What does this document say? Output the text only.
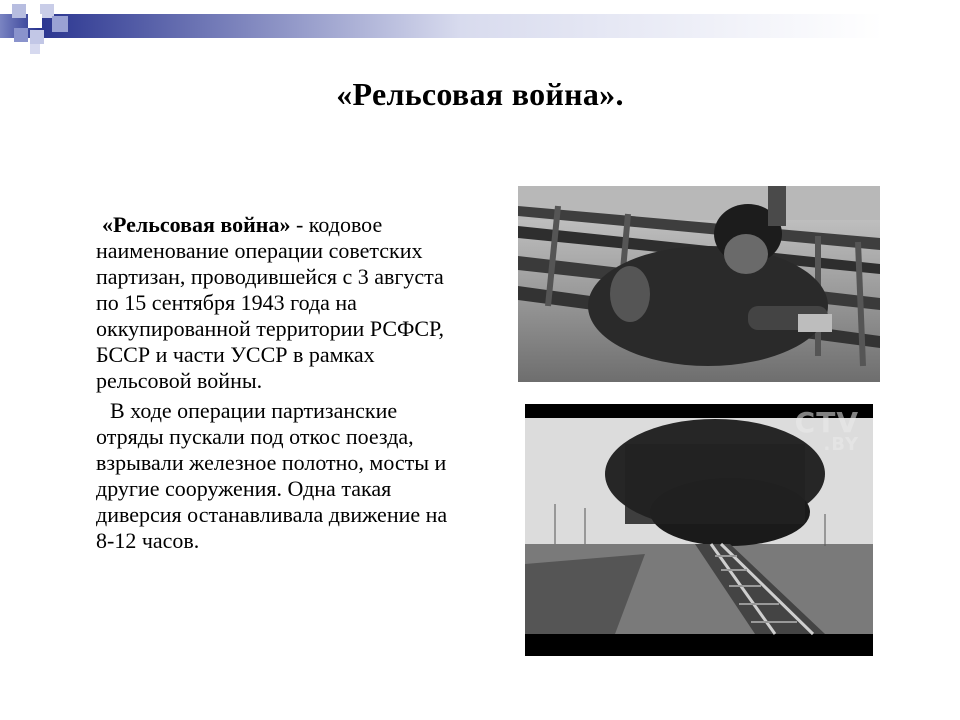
«Рельсовая война».

«Рельсовая война» - кодовое наименование операции советских партизан, проводившейся с 3 августа по 15 сентября 1943 года на оккупированной территории РСФСР, БССР и части УССР в рамках рельсовой войны.

В ходе операции партизанские отряды пускали под откос поезда, взрывали железное полотно, мосты и другие сооружения. Одна такая диверсия останавливала движение на 8-12 часов.

CTV
.BY
